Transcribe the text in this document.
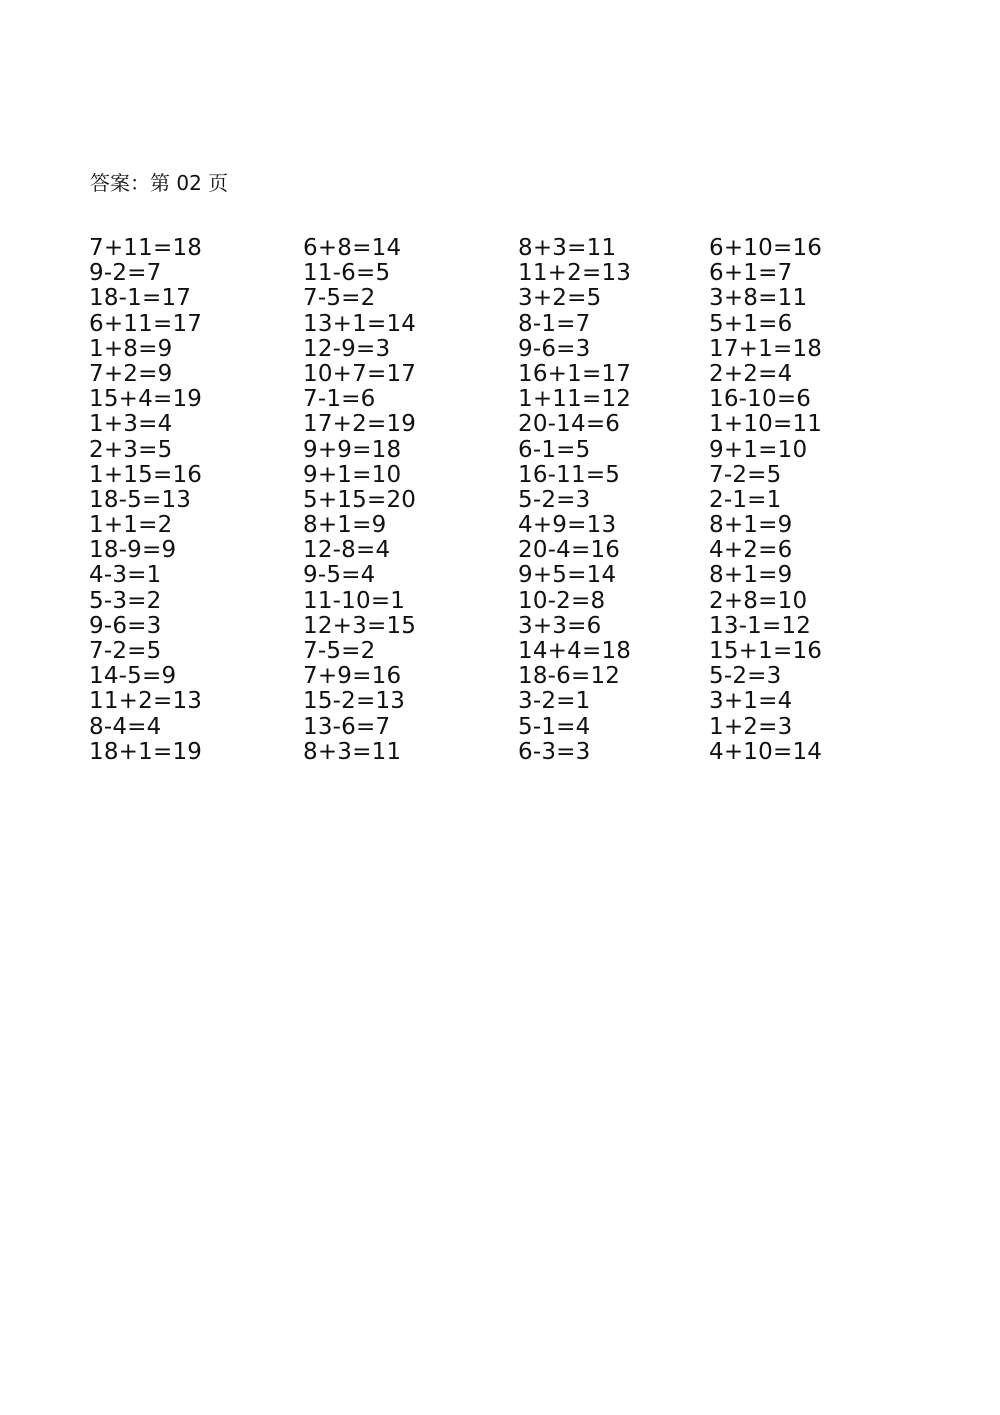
答案：第 02 页
7+11=18
9-2=7
18-1=17
6+11=17
1+8=9
7+2=9
15+4=19
1+3=4
2+3=5
1+15=16
18-5=13
1+1=2
18-9=9
4-3=1
5-3=2
9-6=3
7-2=5
14-5=9
11+2=13
8-4=4
18+1=19
6+8=14
11-6=5
7-5=2
13+1=14
12-9=3
10+7=17
7-1=6
17+2=19
9+9=18
9+1=10
5+15=20
8+1=9
12-8=4
9-5=4
11-10=1
12+3=15
7-5=2
7+9=16
15-2=13
13-6=7
8+3=11
8+3=11
11+2=13
3+2=5
8-1=7
9-6=3
16+1=17
1+11=12
20-14=6
6-1=5
16-11=5
5-2=3
4+9=13
20-4=16
9+5=14
10-2=8
3+3=6
14+4=18
18-6=12
3-2=1
5-1=4
6-3=3
6+10=16
6+1=7
3+8=11
5+1=6
17+1=18
2+2=4
16-10=6
1+10=11
9+1=10
7-2=5
2-1=1
8+1=9
4+2=6
8+1=9
2+8=10
13-1=12
15+1=16
5-2=3
3+1=4
1+2=3
4+10=14
